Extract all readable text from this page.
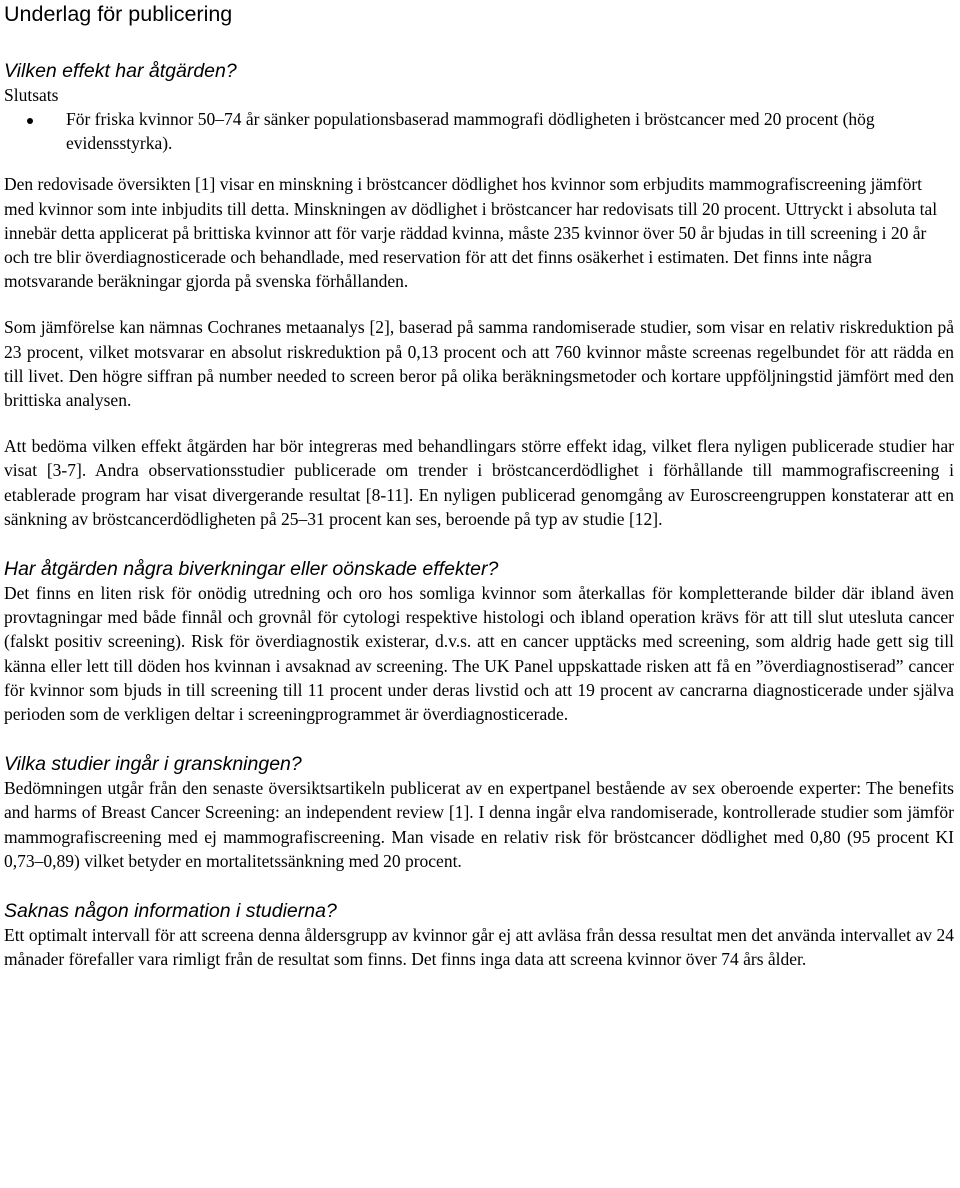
Underlag för publicering
Vilken effekt har åtgärden?

Slutsats

För friska kvinnor 50–74 år sänker populationsbaserad mammografi dödligheten i bröstcancer med 20 procent (hög evidensstyrka).

Den redovisade översikten [1] visar en minskning i bröstcancer dödlighet hos kvinnor som erbjudits mammografiscreening jämfört med kvinnor som inte inbjudits till detta. Minskningen av dödlighet i bröstcancer har redovisats till 20 procent. Uttryckt i absoluta tal innebär detta applicerat på brittiska kvinnor att för varje räddad kvinna, måste 235 kvinnor över 50 år bjudas in till screening i 20 år och tre blir överdiagnosticerade och behandlade, med reservation för att det finns osäkerhet i estimaten. Det finns inte några motsvarande beräkningar gjorda på svenska förhållanden.

Som jämförelse kan nämnas Cochranes metaanalys [2], baserad på samma randomiserade studier, som visar en relativ riskreduktion på 23 procent, vilket motsvarar en absolut riskreduktion på 0,13 procent och att 760 kvinnor måste screenas regelbundet för att rädda en till livet. Den högre siffran på number needed to screen beror på olika beräkningsmetoder och kortare uppföljningstid jämfört med den brittiska analysen.

Att bedöma vilken effekt åtgärden har bör integreras med behandlingars större effekt idag, vilket flera nyligen publicerade studier har visat [3-7]. Andra observationsstudier publicerade om trender i bröstcancerdödlighet i förhållande till mammografiscreening i etablerade program har visat divergerande resultat [8-11]. En nyligen publicerad genomgång av Euroscreengruppen konstaterar att en sänkning av bröstcancerdödligheten på 25–31 procent kan ses, beroende på typ av studie [12].

Har åtgärden några biverkningar eller oönskade effekter?

Det finns en liten risk för onödig utredning och oro hos somliga kvinnor som återkallas för kompletterande bilder där ibland även provtagningar med både finnål och grovnål för cytologi respektive histologi och ibland operation krävs för att till slut utesluta cancer (falskt positiv screening). Risk för överdiagnostik existerar, d.v.s. att en cancer upptäcks med screening, som aldrig hade gett sig till känna eller lett till döden hos kvinnan i avsaknad av screening. The UK Panel uppskattade risken att få en ”överdiagnostiserad” cancer för kvinnor som bjuds in till screening till 11 procent under deras livstid och att 19 procent av cancrarna diagnosticerade under själva perioden som de verkligen deltar i screeningprogrammet är överdiagnosticerade.

Vilka studier ingår i granskningen?

Bedömningen utgår från den senaste översiktsartikeln publicerat av en expertpanel bestående av sex oberoende experter: The benefits and harms of Breast Cancer Screening: an independent review [1]. I denna ingår elva randomiserade, kontrollerade studier som jämför mammografiscreening med ej mammografiscreening. Man visade en relativ risk för bröstcancer dödlighet med 0,80 (95 procent KI 0,73–0,89) vilket betyder en mortalitetssänkning med 20 procent.

Saknas någon information i studierna?

Ett optimalt intervall för att screena denna åldersgrupp av kvinnor går ej att avläsa från dessa resultat men det använda intervallet av 24 månader förefaller vara rimligt från de resultat som finns. Det finns inga data att screena kvinnor över 74 års ålder.
